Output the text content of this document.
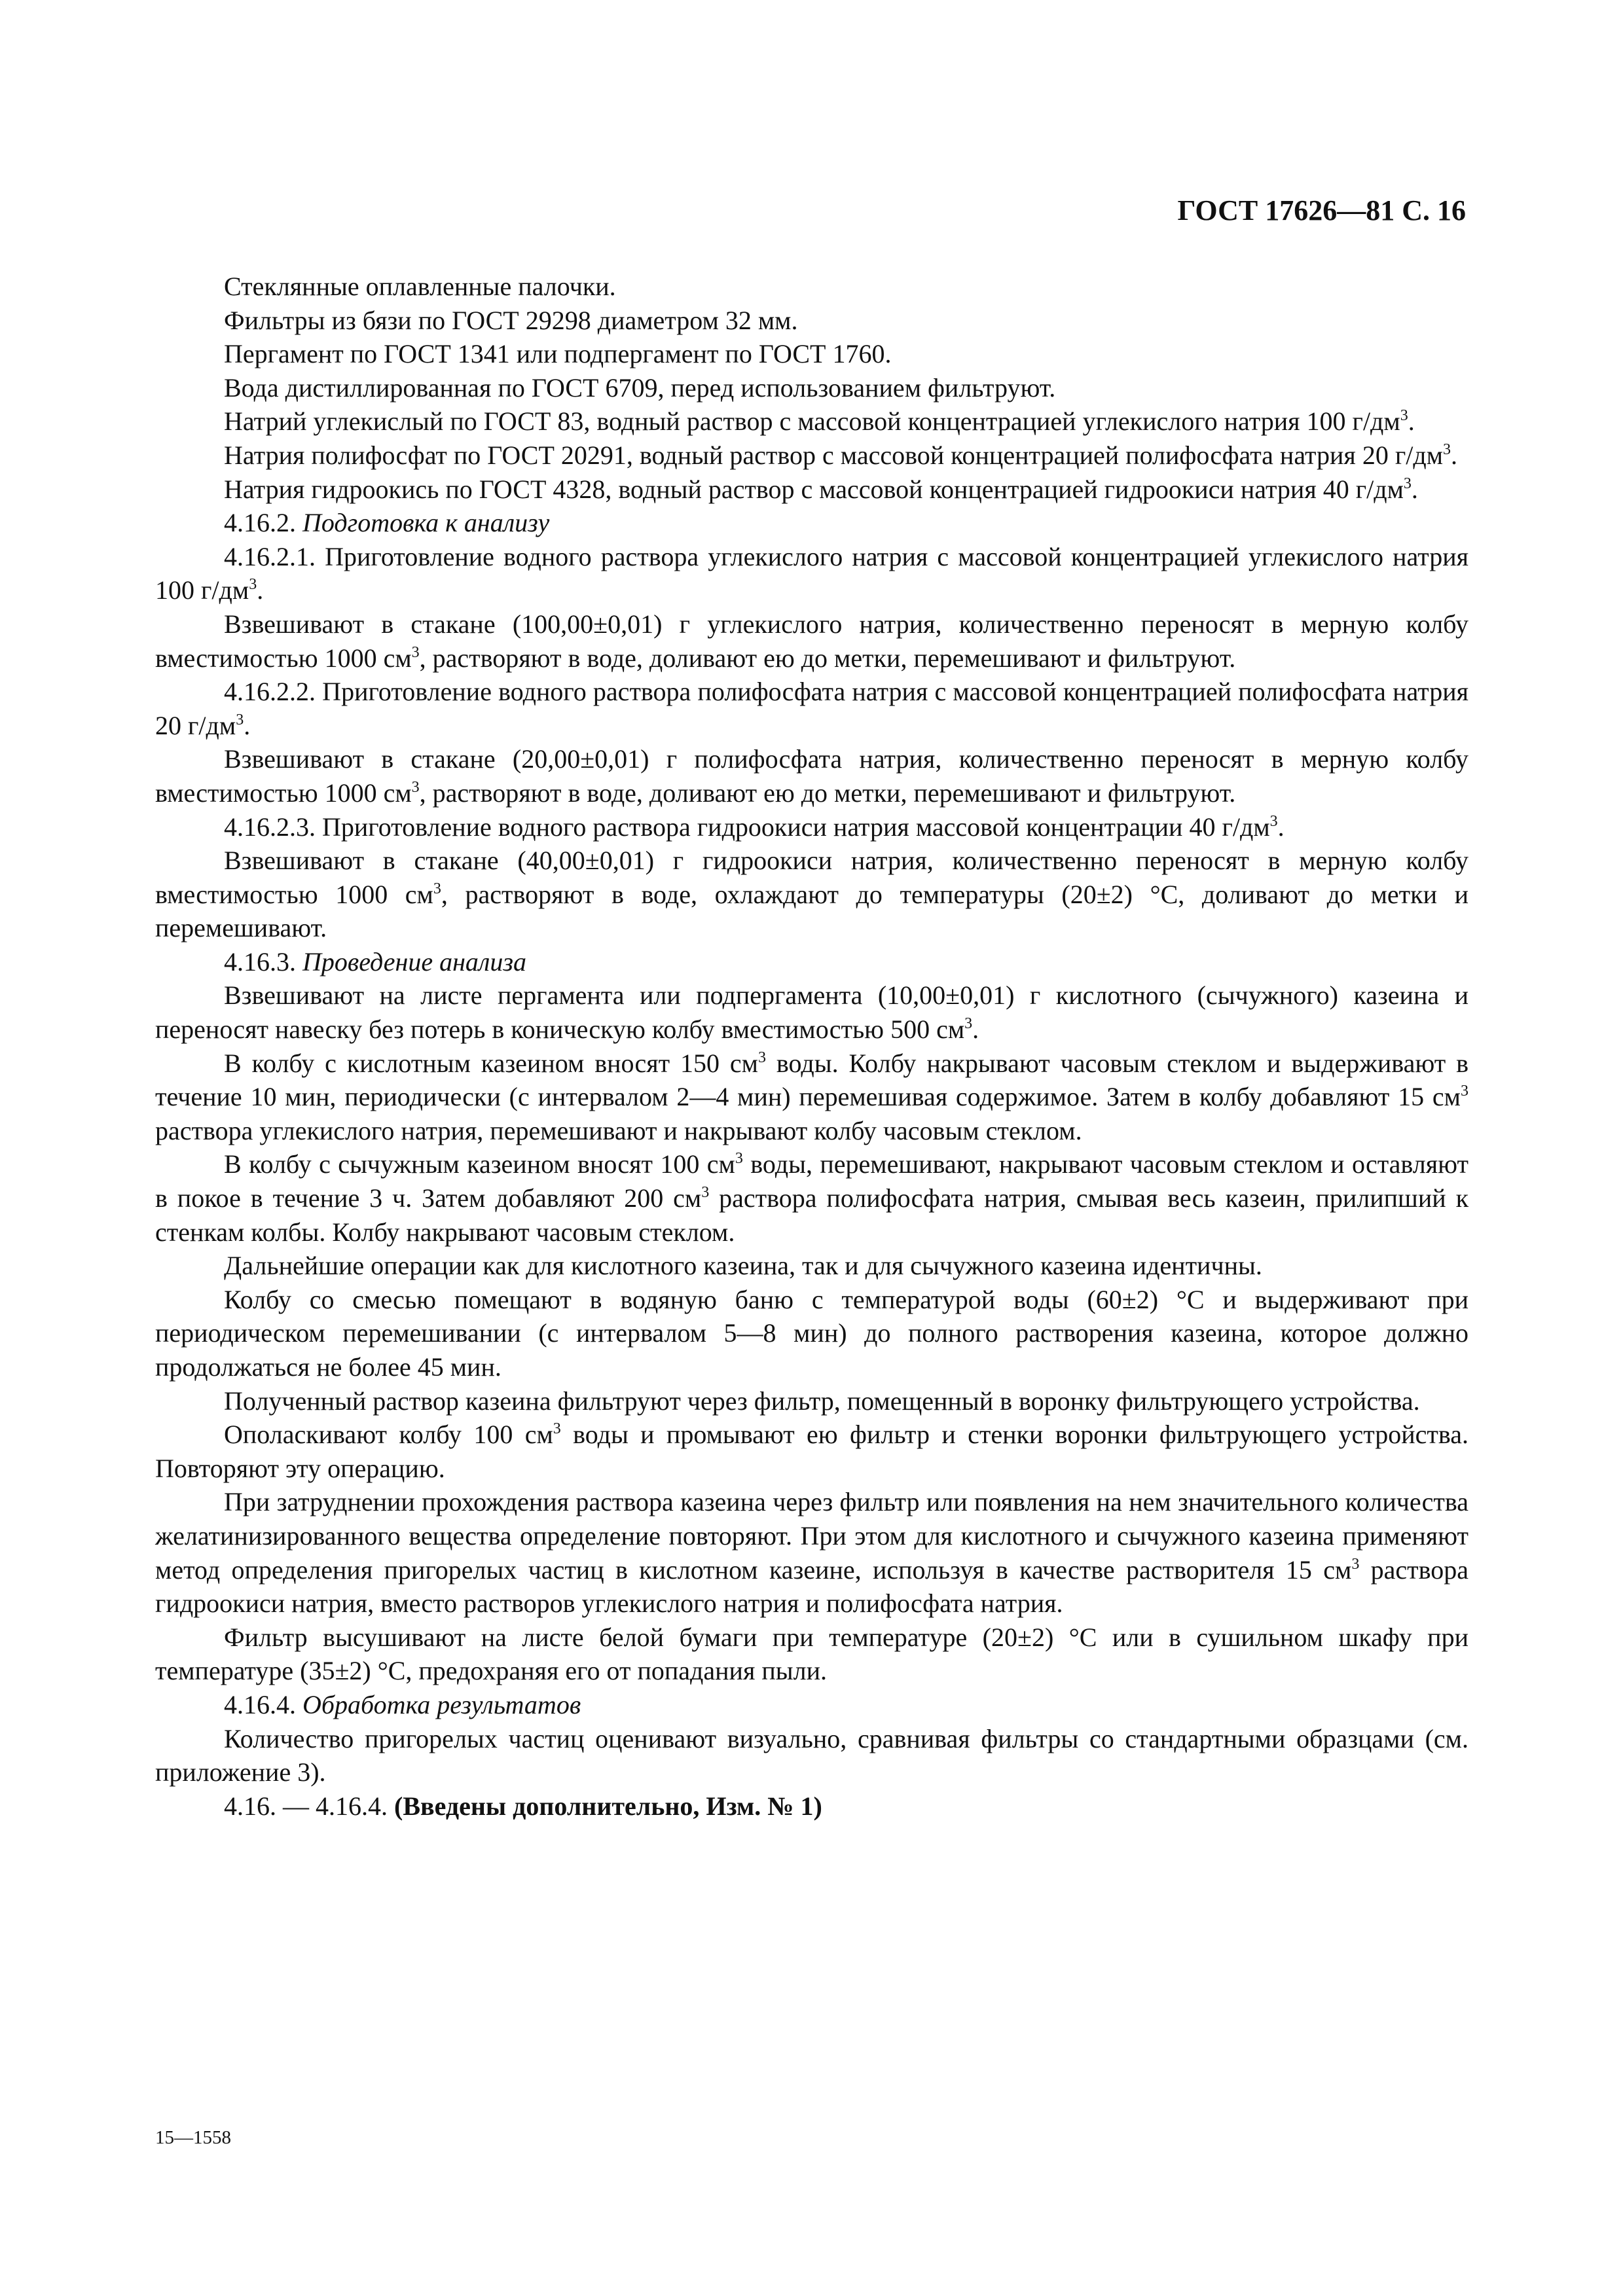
ГОСТ 17626—81 С. 16

Стеклянные оплавленные палочки.

Фильтры из бязи по ГОСТ 29298 диаметром 32 мм.

Пергамент по ГОСТ 1341 или подпергамент по ГОСТ 1760.

Вода дистиллированная по ГОСТ 6709, перед использованием фильтруют.

Натрий углекислый по ГОСТ 83, водный раствор с массовой концентрацией углекислого натрия 100 $г/дм^3$.

Натрия полифосфат по ГОСТ 20291, водный раствор с массовой концентрацией полифосфата натрия 20 $г/дм^3$.

Натрия гидроокись по ГОСТ 4328, водный раствор с массовой концентрацией гидроокиси натрия 40 $г/дм^3$.

4.16.2. Подготовка к анализу

4.16.2.1. Приготовление водного раствора углекислого натрия с массовой концентрацией углекислого натрия 100 $г/дм^3$.

Взвешивают в стакане (100,00±0,01) г углекислого натрия, количественно переносят в мерную колбу вместимостью 1000 $см^3$, растворяют в воде, доливают ею до метки, перемешивают и фильтруют.

4.16.2.2. Приготовление водного раствора полифосфата натрия с массовой концентрацией полифосфата натрия 20 $г/дм^3$.

Взвешивают в стакане (20,00±0,01) г полифосфата натрия, количественно переносят в мерную колбу вместимостью 1000 $см^3$, растворяют в воде, доливают ею до метки, перемешивают и фильтруют.

4.16.2.3. Приготовление водного раствора гидроокиси натрия массовой концентрации 40 $г/дм^3$.

Взвешивают в стакане (40,00±0,01) г гидроокиси натрия, количественно переносят в мерную колбу вместимостью 1000 $см^3$, растворяют в воде, охлаждают до температуры (20±2) °С, доливают до метки и перемешивают.

4.16.3. Проведение анализа

Взвешивают на листе пергамента или подпергамента (10,00±0,01) г кислотного (сычужного) казеина и переносят навеску без потерь в коническую колбу вместимостью 500 $см^3$.

В колбу с кислотным казеином вносят 150 $см^3$ воды. Колбу накрывают часовым стеклом и выдерживают в течение 10 мин, периодически (с интервалом 2—4 мин) перемешивая содержимое. Затем в колбу добавляют 15 $см^3$ раствора углекислого натрия, перемешивают и накрывают колбу часовым стеклом.

В колбу с сычужным казеином вносят 100 $см^3$ воды, перемешивают, накрывают часовым стеклом и оставляют в покое в течение 3 ч. Затем добавляют 200 $см^3$ раствора полифосфата натрия, смывая весь казеин, прилипший к стенкам колбы. Колбу накрывают часовым стеклом.

Дальнейшие операции как для кислотного казеина, так и для сычужного казеина идентичны.

Колбу со смесью помещают в водяную баню с температурой воды (60±2) °С и выдерживают при периодическом перемешивании (с интервалом 5—8 мин) до полного растворения казеина, которое должно продолжаться не более 45 мин.

Полученный раствор казеина фильтруют через фильтр, помещенный в воронку фильтрующего устройства.

Ополаскивают колбу 100 $см^3$ воды и промывают ею фильтр и стенки воронки фильтрующего устройства. Повторяют эту операцию.

При затруднении прохождения раствора казеина через фильтр или появления на нем значительного количества желатинизированного вещества определение повторяют. При этом для кислотного и сычужного казеина применяют метод определения пригорелых частиц в кислотном казеине, используя в качестве растворителя 15 $см^3$ раствора гидроокиси натрия, вместо растворов углекислого натрия и полифосфата натрия.

Фильтр высушивают на листе белой бумаги при температуре (20±2) °С или в сушильном шкафу при температуре (35±2) °С, предохраняя его от попадания пыли.

4.16.4. Обработка результатов

Количество пригорелых частиц оценивают визуально, сравнивая фильтры со стандартными образцами (см. приложение 3).

4.16. — 4.16.4. (Введены дополнительно, Изм. № 1)

15—1558
